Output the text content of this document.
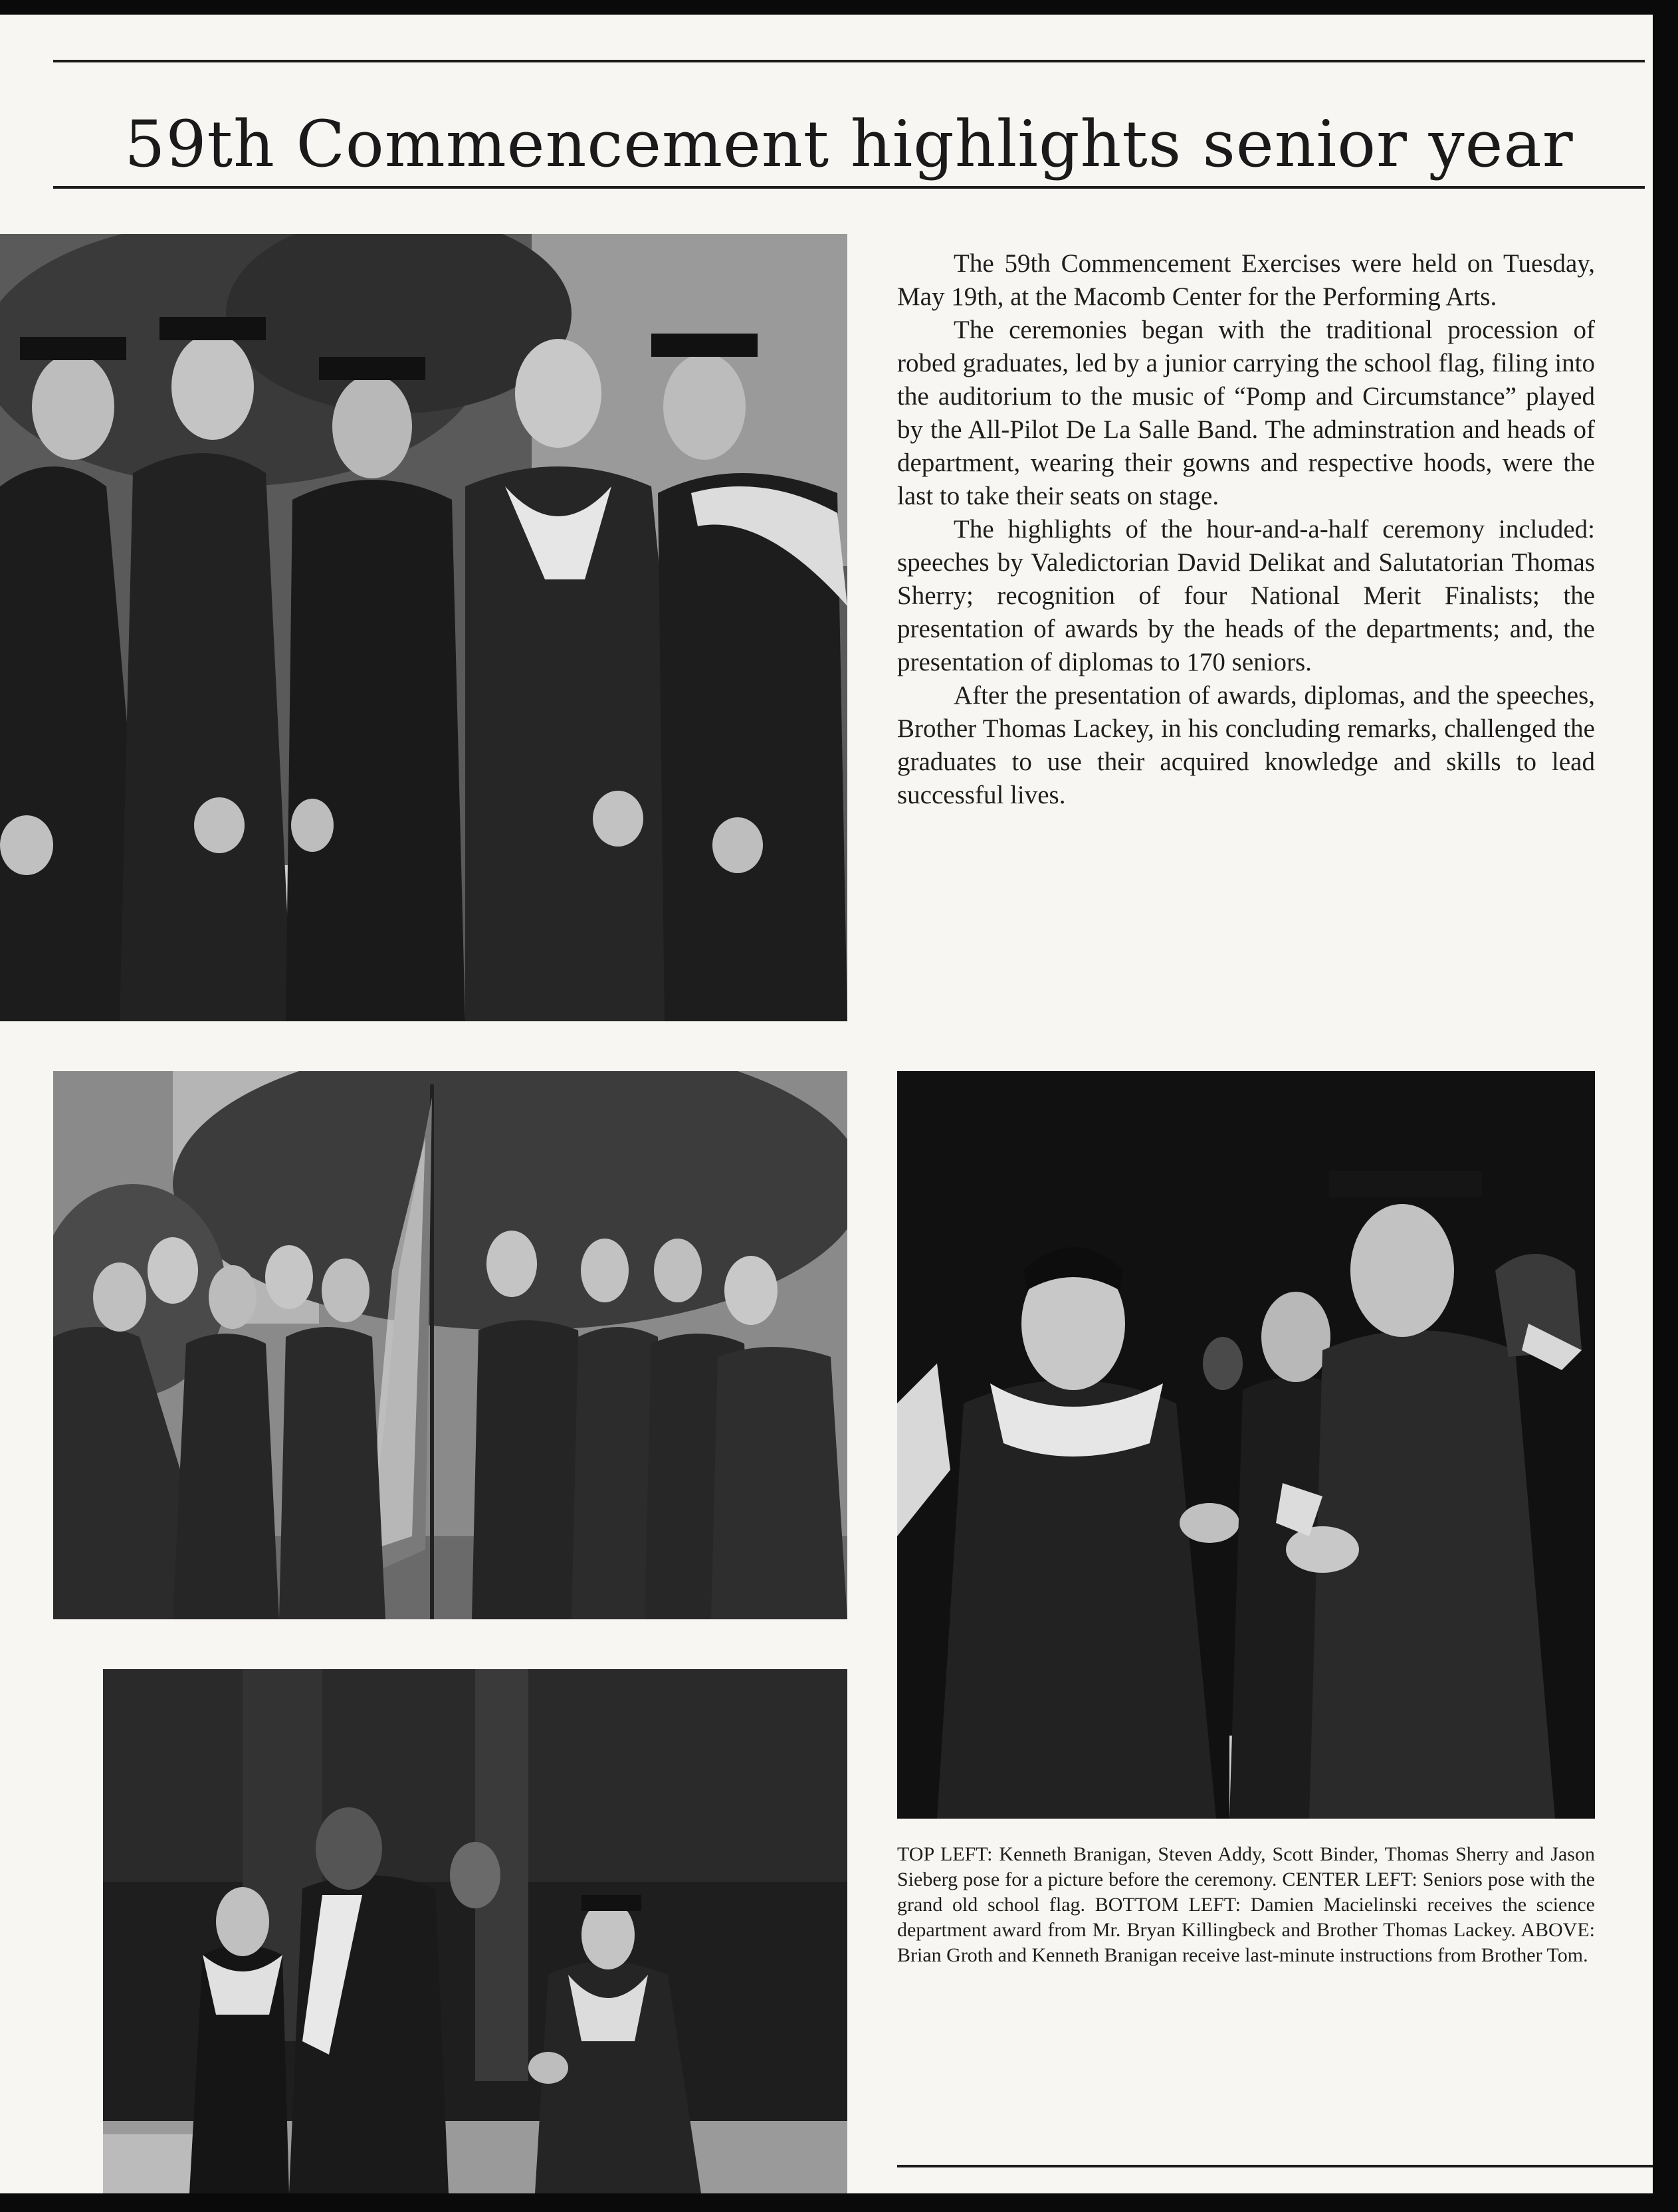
59th Commencement highlights senior year

The 59th Commencement Exercises were held on Tuesday, May 19th, at the Macomb Center for the Performing Arts.

The ceremonies began with the traditional procession of robed graduates, led by a junior carrying the school flag, filing into the auditorium to the music of “Pomp and Circumstance” played by the All-Pilot De La Salle Band. The adminstration and heads of department, wearing their gowns and respective hoods, were the last to take their seats on stage.

The highlights of the hour-and-a-half ceremony included: speeches by Valedictorian David Delikat and Salutatorian Thomas Sherry; recognition of four National Merit Finalists; the presentation of awards by the heads of the departments; and, the presentation of diplomas to 170 seniors.

After the presentation of awards, diplomas, and the speeches, Brother Thomas Lackey, in his concluding remarks, challenged the graduates to use their acquired knowledge and skills to lead successful lives.

TOP LEFT: Kenneth Branigan, Steven Addy, Scott Binder, Thomas Sherry and Jason Sieberg pose for a picture before the ceremony. CENTER LEFT: Seniors pose with the grand old school flag. BOTTOM LEFT: Damien Macielinski receives the science department award from Mr. Bryan Killingbeck and Brother Thomas Lackey. ABOVE: Brian Groth and Kenneth Branigan receive last-minute instructions from Brother Tom.
